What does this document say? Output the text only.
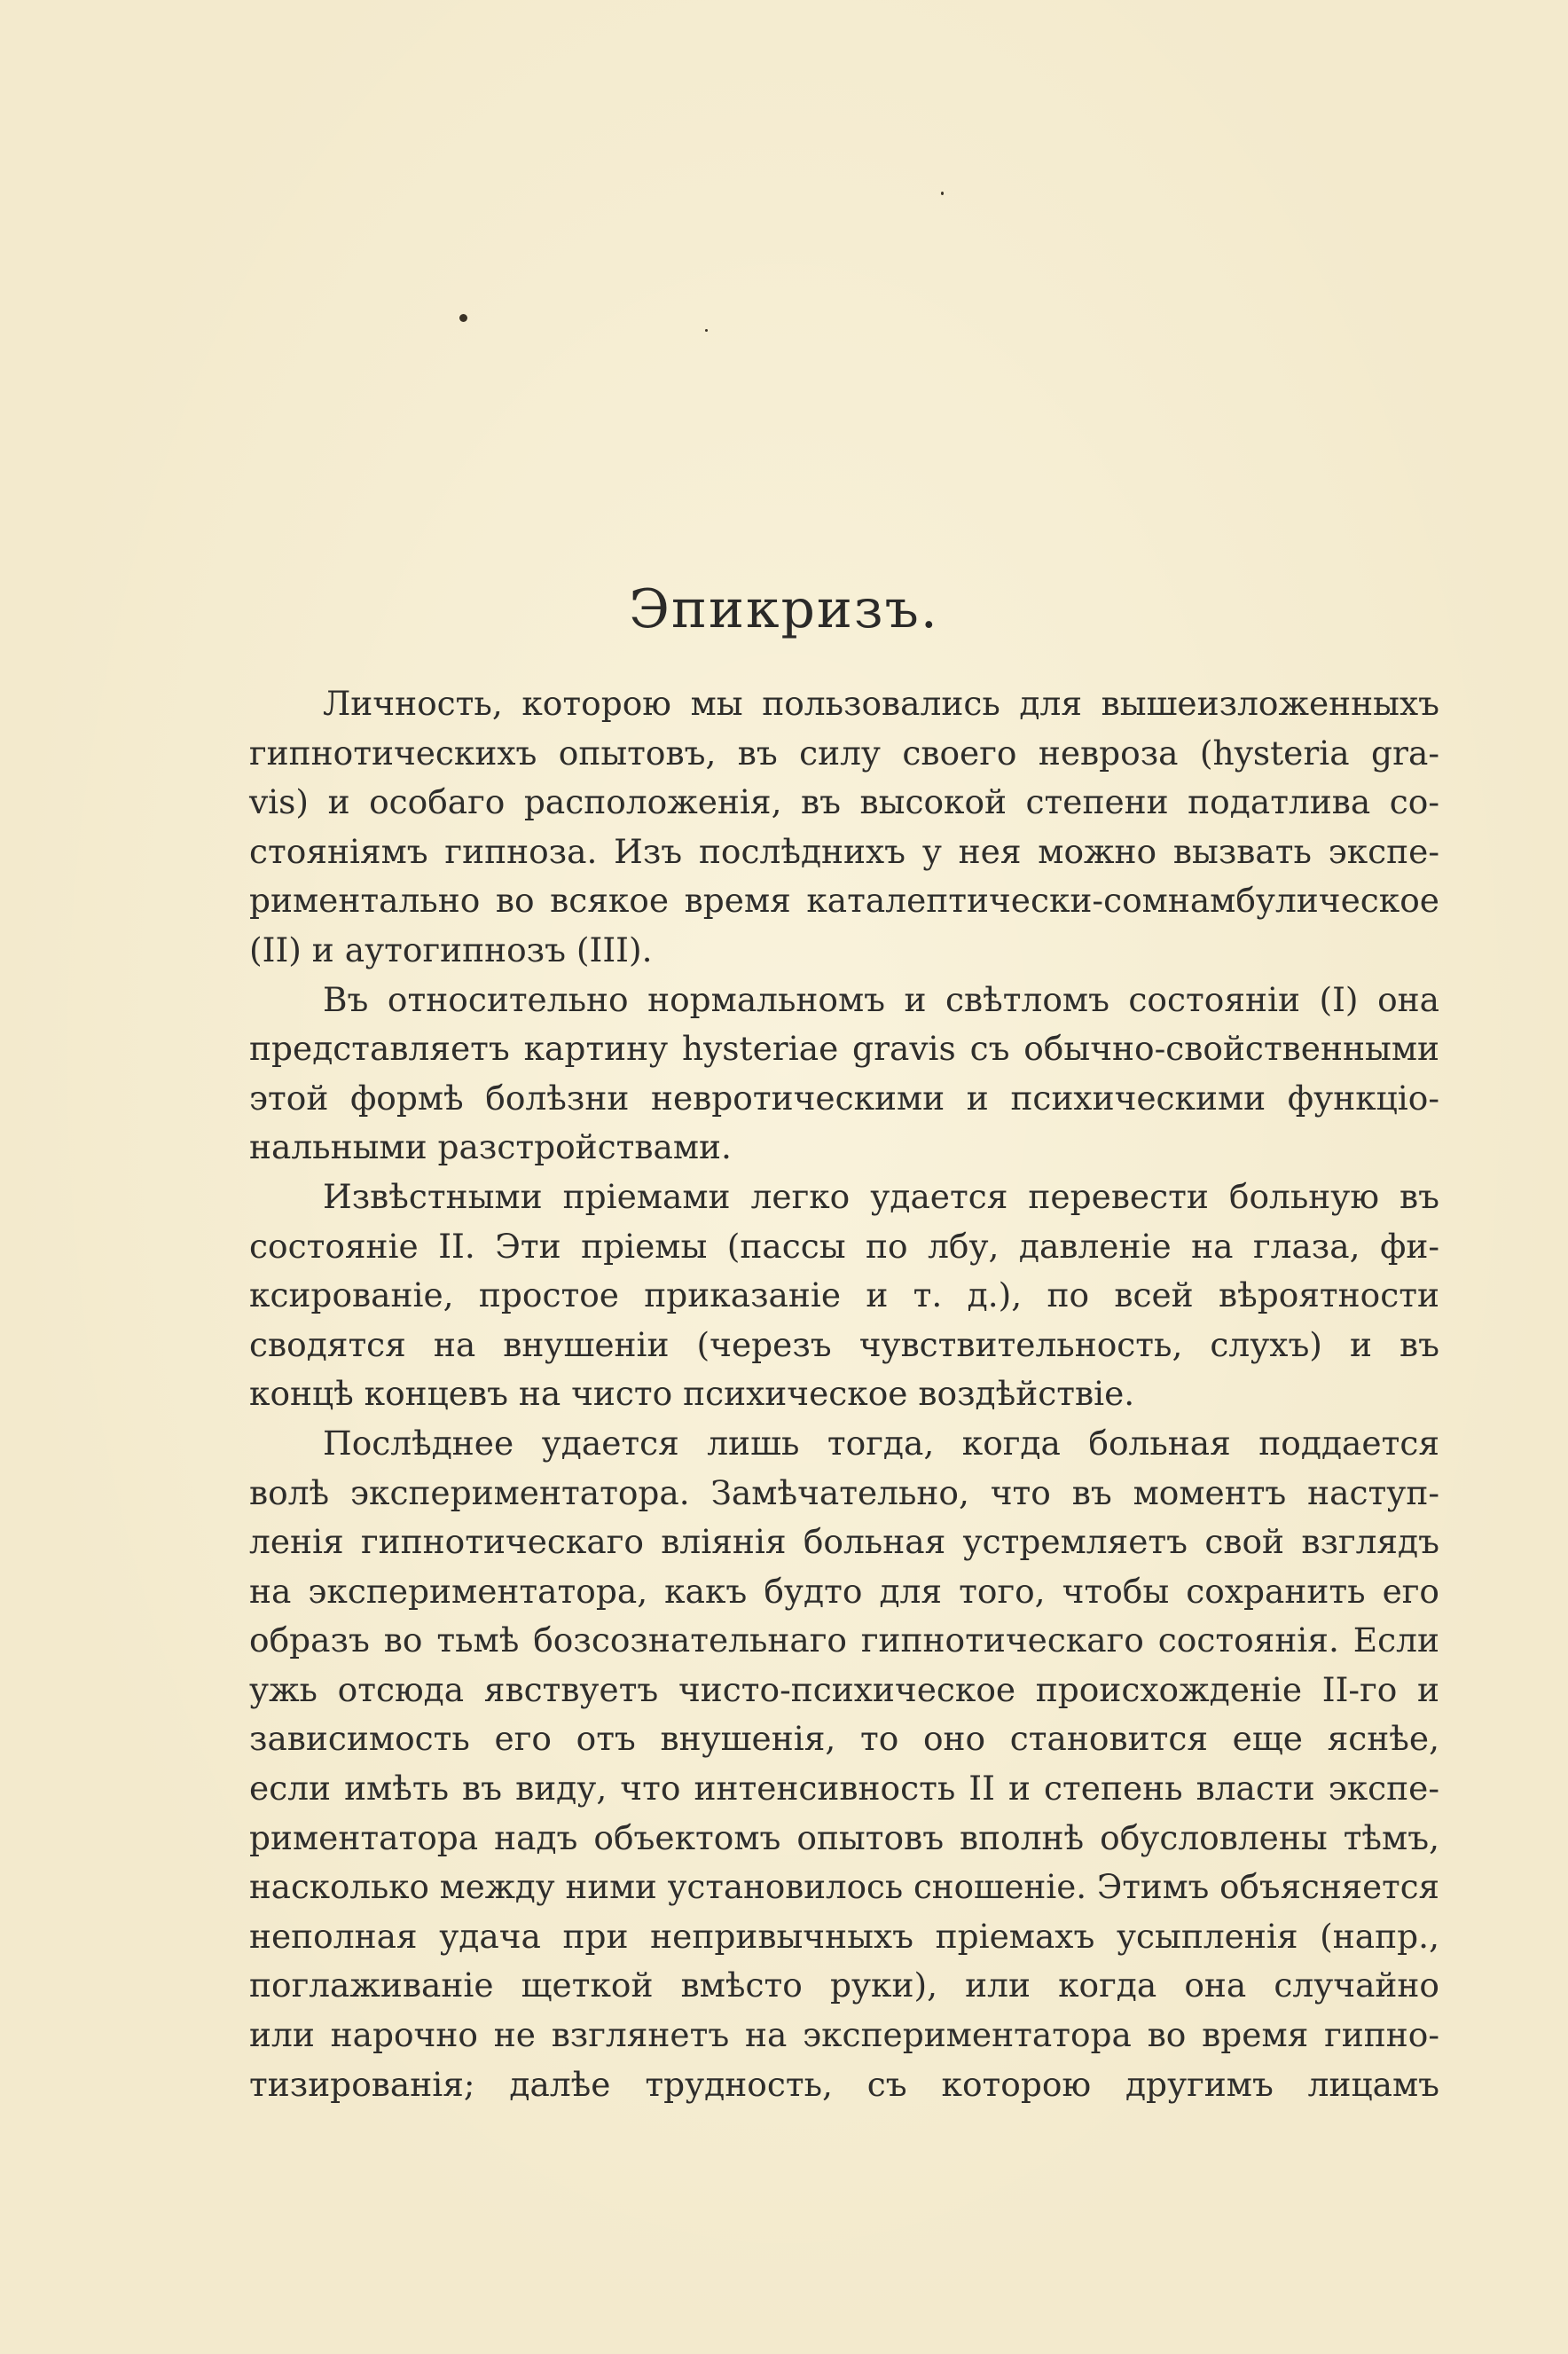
Эпикризъ.
Личность, которою мы пользовались для вышеизложенныхъ
гипнотическихъ опытовъ, въ силу своего невроза (hysteria gra-
vis) и особаго расположенія, въ высокой степени податлива со-
стояніямъ гипноза. Изъ послѣднихъ у нея можно вызвать экспе-
риментально во всякое время каталептически-сомнамбулическое
(II) и аутогипнозъ (III).
Въ относительно нормальномъ и свѣтломъ состояніи (I) она
представляетъ картину hysteriae gravis съ обычно-свойственными
этой формѣ болѣзни невротическими и психическими функціо-
нальными разстройствами.
Извѣстными пріемами легко удается перевести больную въ
состояніе II. Эти пріемы (пассы по лбу, давленіе на глаза, фи-
ксированіе, простое приказаніе и т. д.), по всей вѣроятности
сводятся на внушеніи (черезъ чувствительность, слухъ) и въ
концѣ концевъ на чисто психическое воздѣйствіе.
Послѣднее удается лишь тогда, когда больная поддается
волѣ экспериментатора. Замѣчательно, что въ моментъ наступ-
ленія гипнотическаго вліянія больная устремляетъ свой взглядъ
на экспериментатора, какъ будто для того, чтобы сохранить его
образъ во тьмѣ бозсознательнаго гипнотическаго состоянія. Если
ужь отсюда явствуетъ чисто-психическое происхожденіе II-го и
зависимость его отъ внушенія, то оно становится еще яснѣе,
если имѣть въ виду, что интенсивность II и степень власти экспе-
риментатора надъ объектомъ опытовъ вполнѣ обусловлены тѣмъ,
насколько между ними установилось сношеніе. Этимъ объясняется
неполная удача при непривычныхъ пріемахъ усыпленія (напр.,
поглаживаніе щеткой вмѣсто руки), или когда она случайно
или нарочно не взглянетъ на экспериментатора во время гипно-
тизированія; далѣе трудность, съ которою другимъ лицамъ
